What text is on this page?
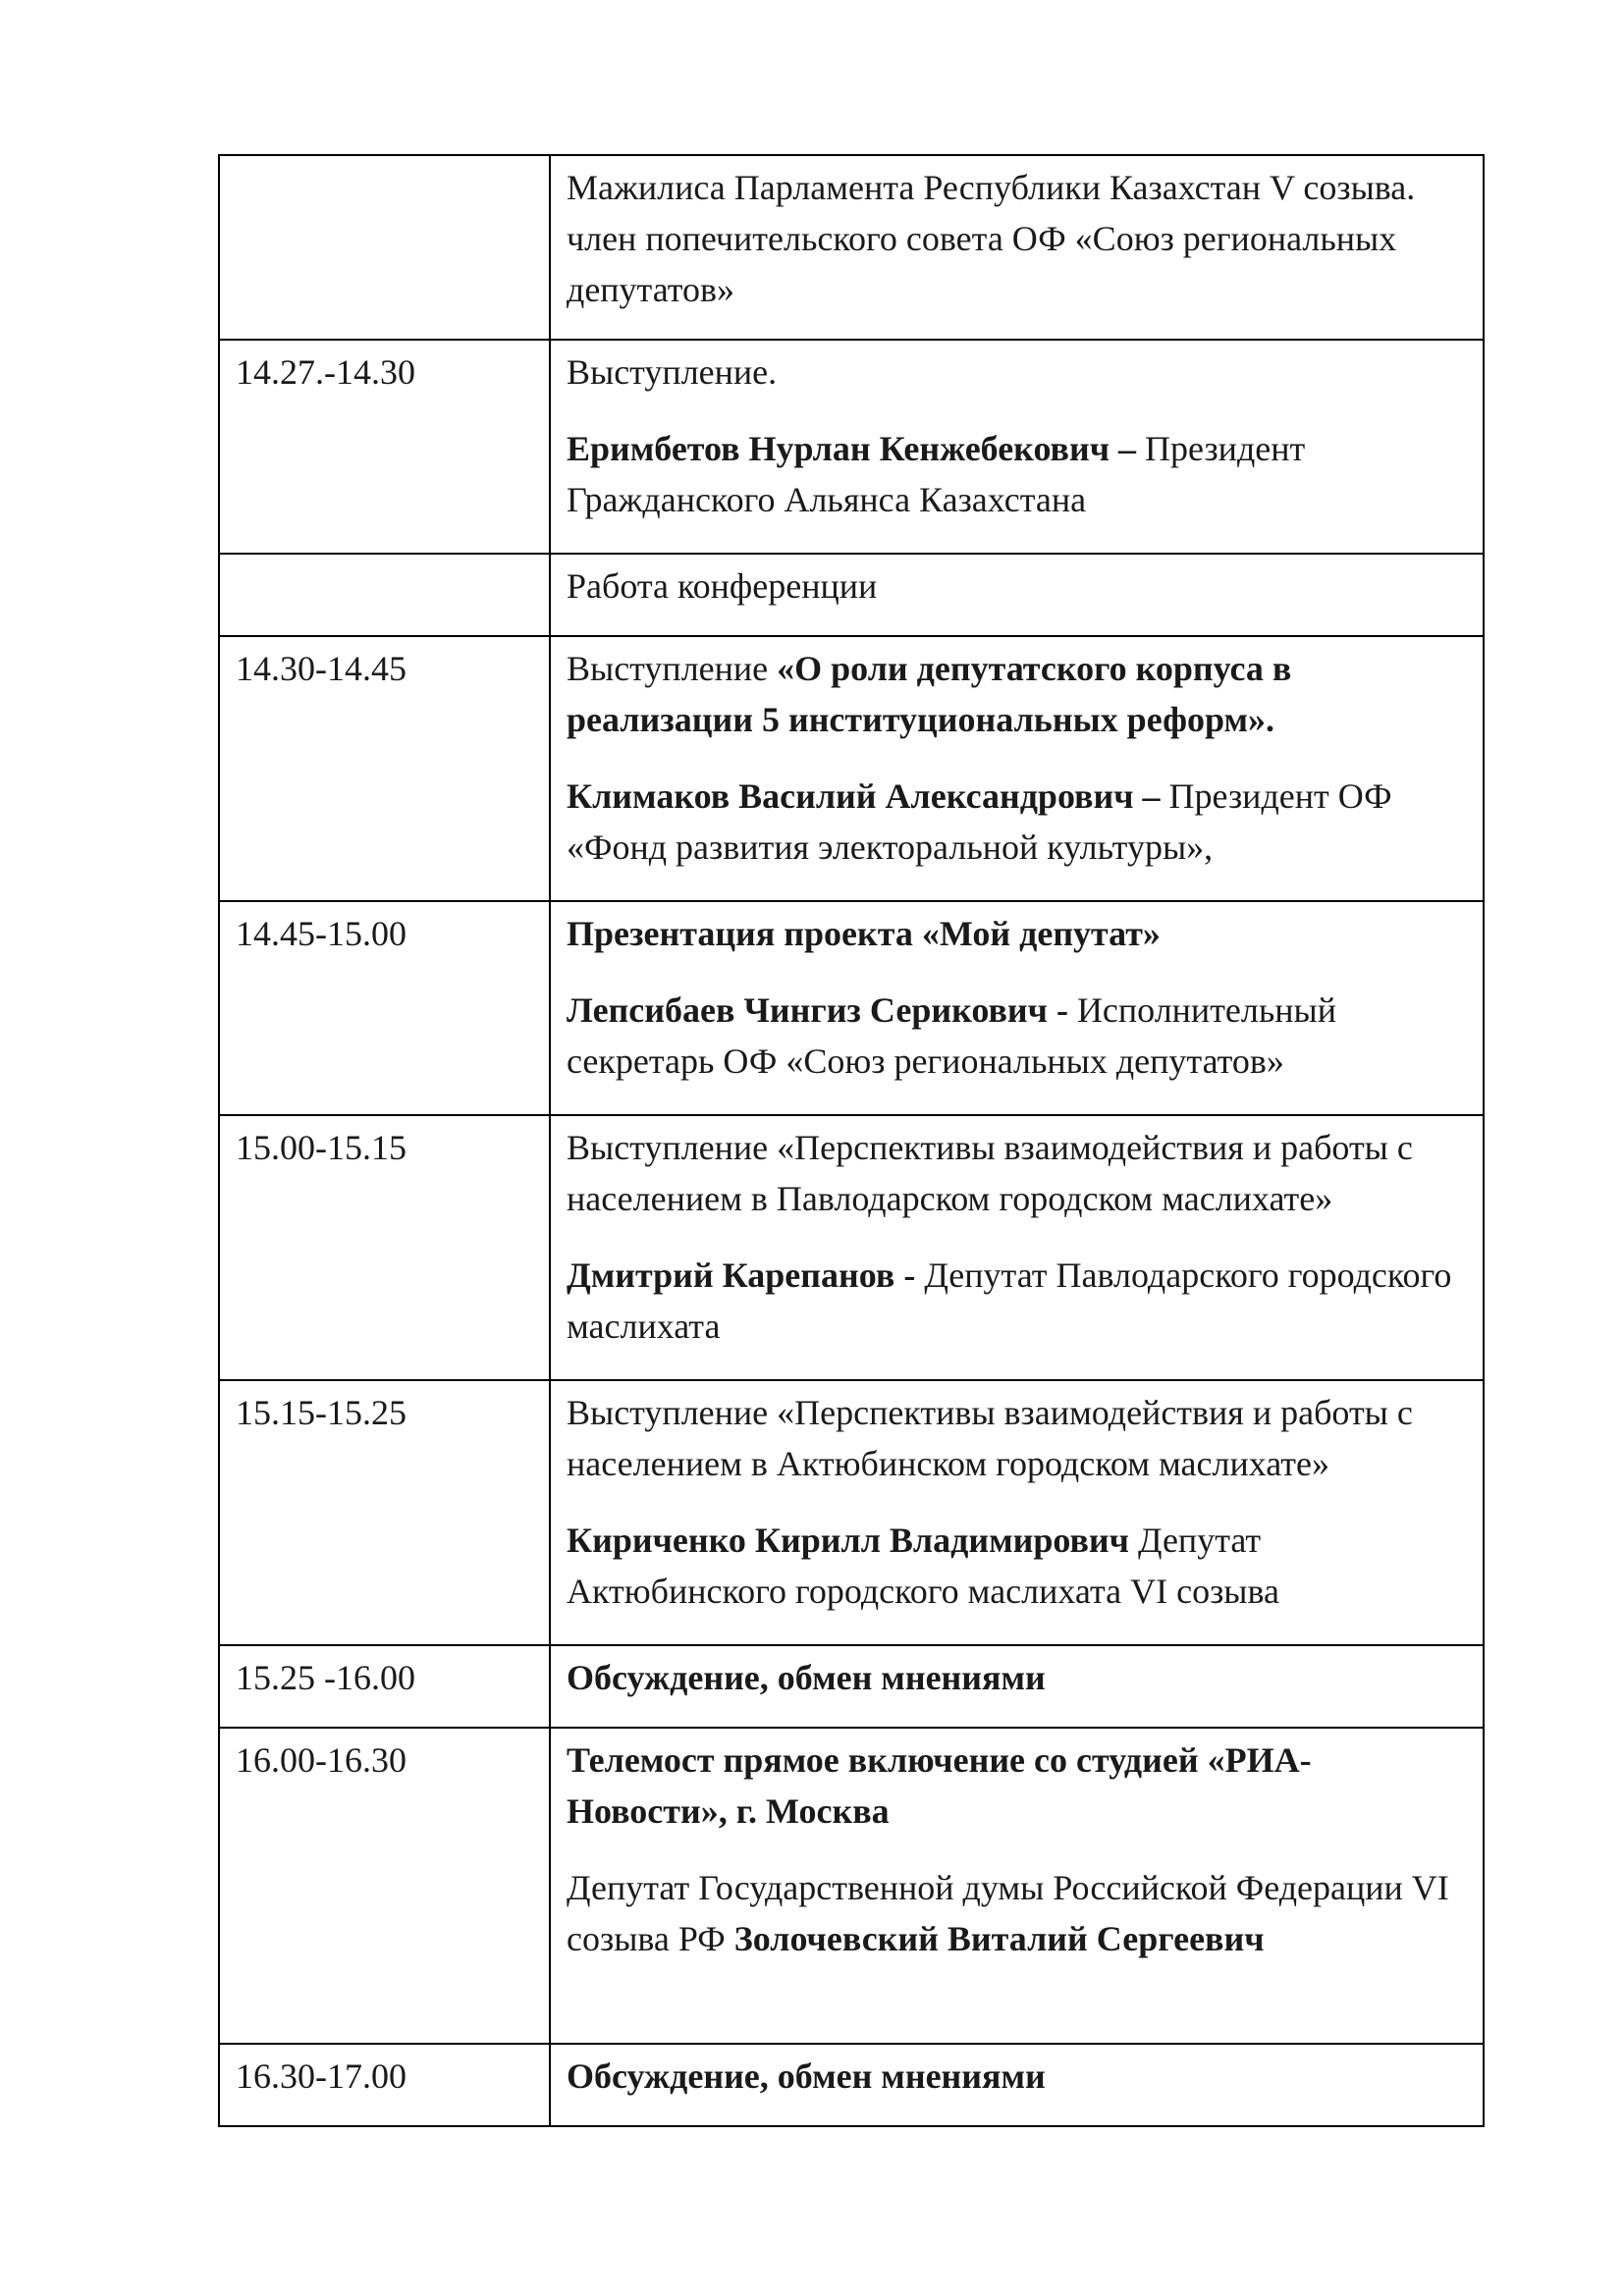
	Мажилиса Парламента Республики Казахстан V созыва. член попечительского совета ОФ «Союз региональных депутатов»

14.27.-14.30	Выступление.
Еримбетов Нурлан Кенжебекович – Президент Гражданского Альянса Казахстана

	Работа конференции

14.30-14.45	Выступление «О роли депутатского корпуса в реализации 5 институциональных реформ».
Климаков Василий Александрович – Президент ОФ «Фонд развития электоральной культуры»,

14.45-15.00	Презентация проекта «Мой депутат»
Лепсибаев Чингиз Серикович - Исполнительный секретарь ОФ «Союз региональных депутатов»

15.00-15.15	Выступление «Перспективы взаимодействия и работы с населением в Павлодарском городском маслихате»
Дмитрий Карепанов - Депутат Павлодарского городского маслихата

15.15-15.25	Выступление «Перспективы взаимодействия и работы с населением в Актюбинском городском маслихате»
Кириченко Кирилл Владимирович Депутат Актюбинского городского маслихата VI созыва

15.25 -16.00	Обсуждение, обмен мнениями

16.00-16.30	Телемост прямое включение со студией «РИА-Новости», г. Москва
Депутат Государственной думы Российской Федерации VI созыва РФ Золочевский Виталий Сергеевич

16.30-17.00	Обсуждение, обмен мнениями
